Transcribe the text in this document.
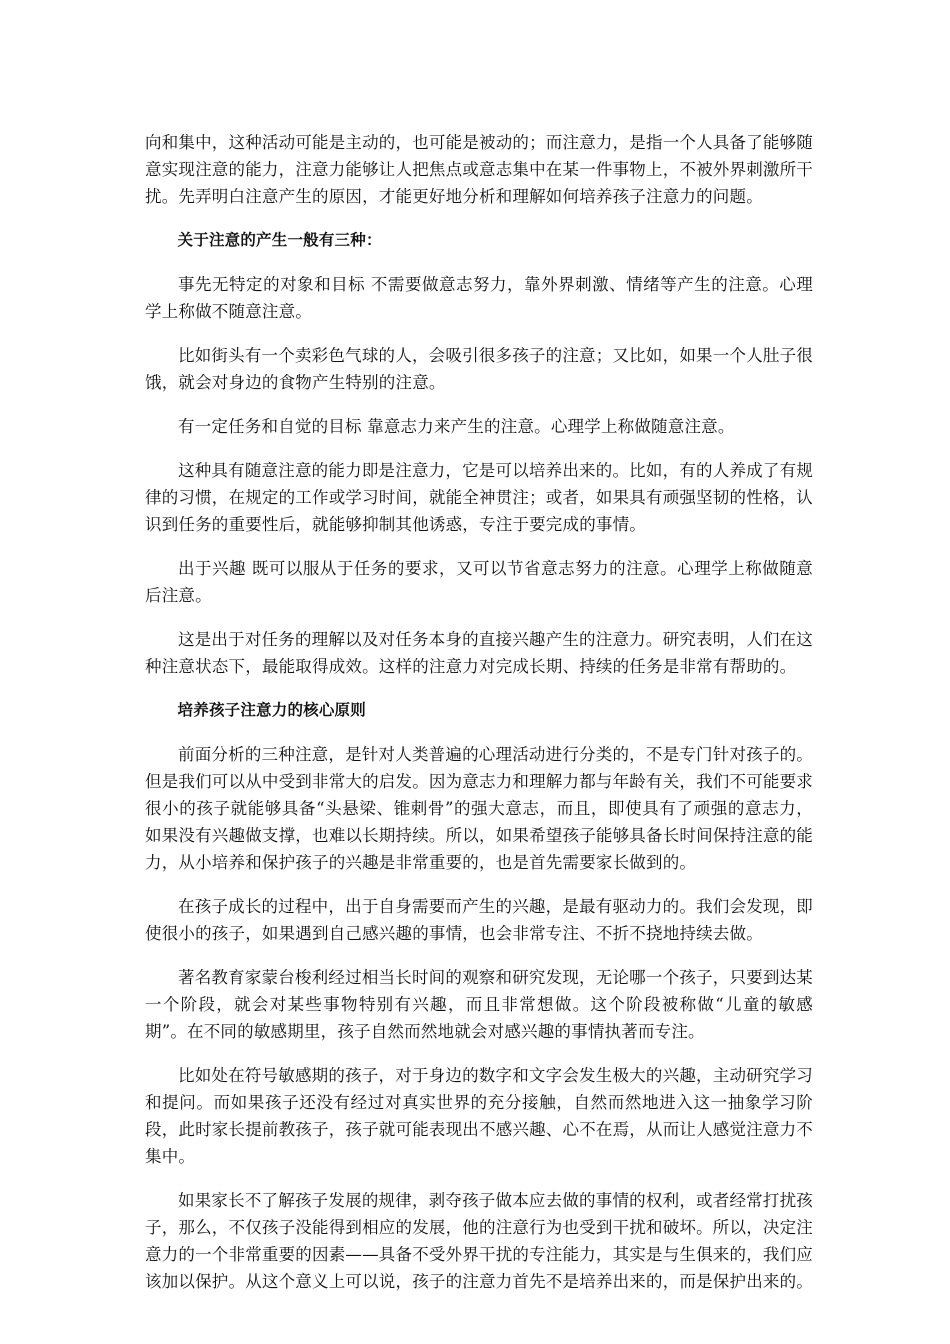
向和集中，这种活动可能是主动的，也可能是被动的；而注意力，是指一个人具备了能够随意实现注意的能力，注意力能够让人把焦点或意志集中在某一件事物上，不被外界刺激所干扰。先弄明白注意产生的原因，才能更好地分析和理解如何培养孩子注意力的问题。

关于注意的产生一般有三种：

事先无特定的对象和目标 不需要做意志努力，靠外界刺激、情绪等产生的注意。心理学上称做不随意注意。

比如街头有一个卖彩色气球的人，会吸引很多孩子的注意；又比如，如果一个人肚子很饿，就会对身边的食物产生特别的注意。

有一定任务和自觉的目标 靠意志力来产生的注意。心理学上称做随意注意。

这种具有随意注意的能力即是注意力，它是可以培养出来的。比如，有的人养成了有规律的习惯，在规定的工作或学习时间，就能全神贯注；或者，如果具有顽强坚韧的性格，认识到任务的重要性后，就能够抑制其他诱惑，专注于要完成的事情。

出于兴趣 既可以服从于任务的要求，又可以节省意志努力的注意。心理学上称做随意后注意。

这是出于对任务的理解以及对任务本身的直接兴趣产生的注意力。研究表明，人们在这种注意状态下，最能取得成效。这样的注意力对完成长期、持续的任务是非常有帮助的。

培养孩子注意力的核心原则

前面分析的三种注意，是针对人类普遍的心理活动进行分类的，不是专门针对孩子的。但是我们可以从中受到非常大的启发。因为意志力和理解力都与年龄有关，我们不可能要求很小的孩子就能够具备“头悬梁、锥刺骨”的强大意志，而且，即使具有了顽强的意志力，如果没有兴趣做支撑，也难以长期持续。所以，如果希望孩子能够具备长时间保持注意的能力，从小培养和保护孩子的兴趣是非常重要的，也是首先需要家长做到的。

在孩子成长的过程中，出于自身需要而产生的兴趣，是最有驱动力的。我们会发现，即使很小的孩子，如果遇到自己感兴趣的事情，也会非常专注、不折不挠地持续去做。

著名教育家蒙台梭利经过相当长时间的观察和研究发现，无论哪一个孩子，只要到达某一个阶段，就会对某些事物特别有兴趣，而且非常想做。这个阶段被称做“儿童的敏感期”。在不同的敏感期里，孩子自然而然地就会对感兴趣的事情执著而专注。

比如处在符号敏感期的孩子，对于身边的数字和文字会发生极大的兴趣，主动研究学习和提问。而如果孩子还没有经过对真实世界的充分接触，自然而然地进入这一抽象学习阶段，此时家长提前教孩子，孩子就可能表现出不感兴趣、心不在焉，从而让人感觉注意力不集中。

如果家长不了解孩子发展的规律，剥夺孩子做本应去做的事情的权利，或者经常打扰孩子，那么，不仅孩子没能得到相应的发展，他的注意行为也受到干扰和破坏。所以，决定注意力的一个非常重要的因素——具备不受外界干扰的专注能力，其实是与生俱来的，我们应该加以保护。从这个意义上可以说，孩子的注意力首先不是培养出来的，而是保护出来的。
